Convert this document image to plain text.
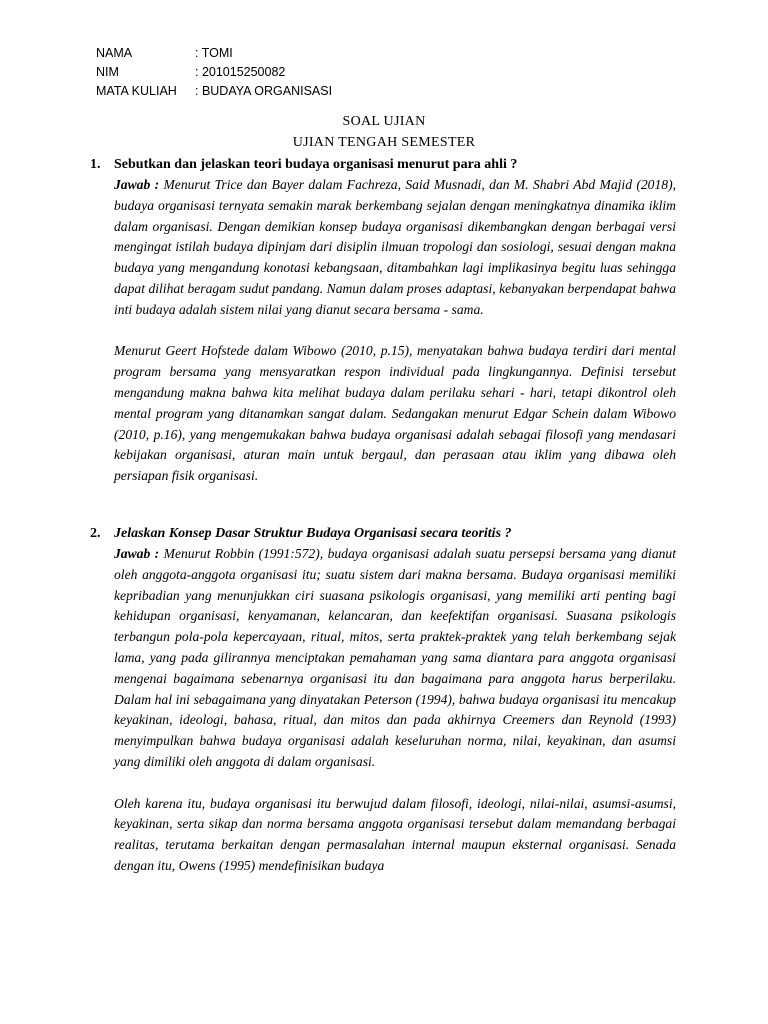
NAMA	: TOMI
NIM	: 201015250082
MATA KULIAH	: BUDAYA ORGANISASI
SOAL UJIAN
UJIAN TENGAH SEMESTER
1. Sebutkan dan jelaskan teori budaya organisasi menurut para ahli ?

Jawab : Menurut Trice dan Bayer dalam Fachreza, Said Musnadi, dan M. Shabri Abd Majid (2018), budaya organisasi ternyata semakin marak berkembang sejalan dengan meningkatnya dinamika iklim dalam organisasi. Dengan demikian konsep budaya organisasi dikembangkan dengan berbagai versi mengingat istilah budaya dipinjam dari disiplin ilmuan tropologi dan sosiologi, sesuai dengan makna budaya yang mengandung konotasi kebangsaan, ditambahkan lagi implikasinya begitu luas sehingga dapat dilihat beragam sudut pandang. Namun dalam proses adaptasi, kebanyakan berpendapat bahwa inti budaya adalah sistem nilai yang dianut secara bersama - sama.

Menurut Geert Hofstede dalam Wibowo (2010, p.15), menyatakan bahwa budaya terdiri dari mental program bersama yang mensyaratkan respon individual pada lingkungannya. Definisi tersebut mengandung makna bahwa kita melihat budaya dalam perilaku sehari - hari, tetapi dikontrol oleh mental program yang ditanamkan sangat dalam. Sedangakan menurut Edgar Schein dalam Wibowo (2010, p.16), yang mengemukakan bahwa budaya organisasi adalah sebagai filosofi yang mendasari kebijakan organisasi, aturan main untuk bergaul, dan perasaan atau iklim yang dibawa oleh persiapan fisik organisasi.

2. Jelaskan Konsep Dasar Struktur Budaya Organisasi secara teoritis ?

Jawab : Menurut Robbin (1991:572), budaya organisasi adalah suatu persepsi bersama yang dianut oleh anggota-anggota organisasi itu; suatu sistem dari makna bersama. Budaya organisasi memiliki kepribadian yang menunjukkan ciri suasana psikologis organisasi, yang memiliki arti penting bagi kehidupan organisasi, kenyamanan, kelancaran, dan keefektifan organisasi. Suasana psikologis terbangun pola-pola kepercayaan, ritual, mitos, serta praktek-praktek yang telah berkembang sejak lama, yang pada gilirannya menciptakan pemahaman yang sama diantara para anggota organisasi mengenai bagaimana sebenarnya organisasi itu dan bagaimana para anggota harus berperilaku. Dalam hal ini sebagaimana yang dinyatakan Peterson (1994), bahwa budaya organisasi itu mencakup keyakinan, ideologi, bahasa, ritual, dan mitos dan pada akhirnya Creemers dan Reynold (1993) menyimpulkan bahwa budaya organisasi adalah keseluruhan norma, nilai, keyakinan, dan asumsi yang dimiliki oleh anggota di dalam organisasi.

Oleh karena itu, budaya organisasi itu berwujud dalam filosofi, ideologi, nilai-nilai, asumsi-asumsi, keyakinan, serta sikap dan norma bersama anggota organisasi tersebut dalam memandang berbagai realitas, terutama berkaitan dengan permasalahan internal maupun eksternal organisasi. Senada dengan itu, Owens (1995) mendefinisikan budaya
